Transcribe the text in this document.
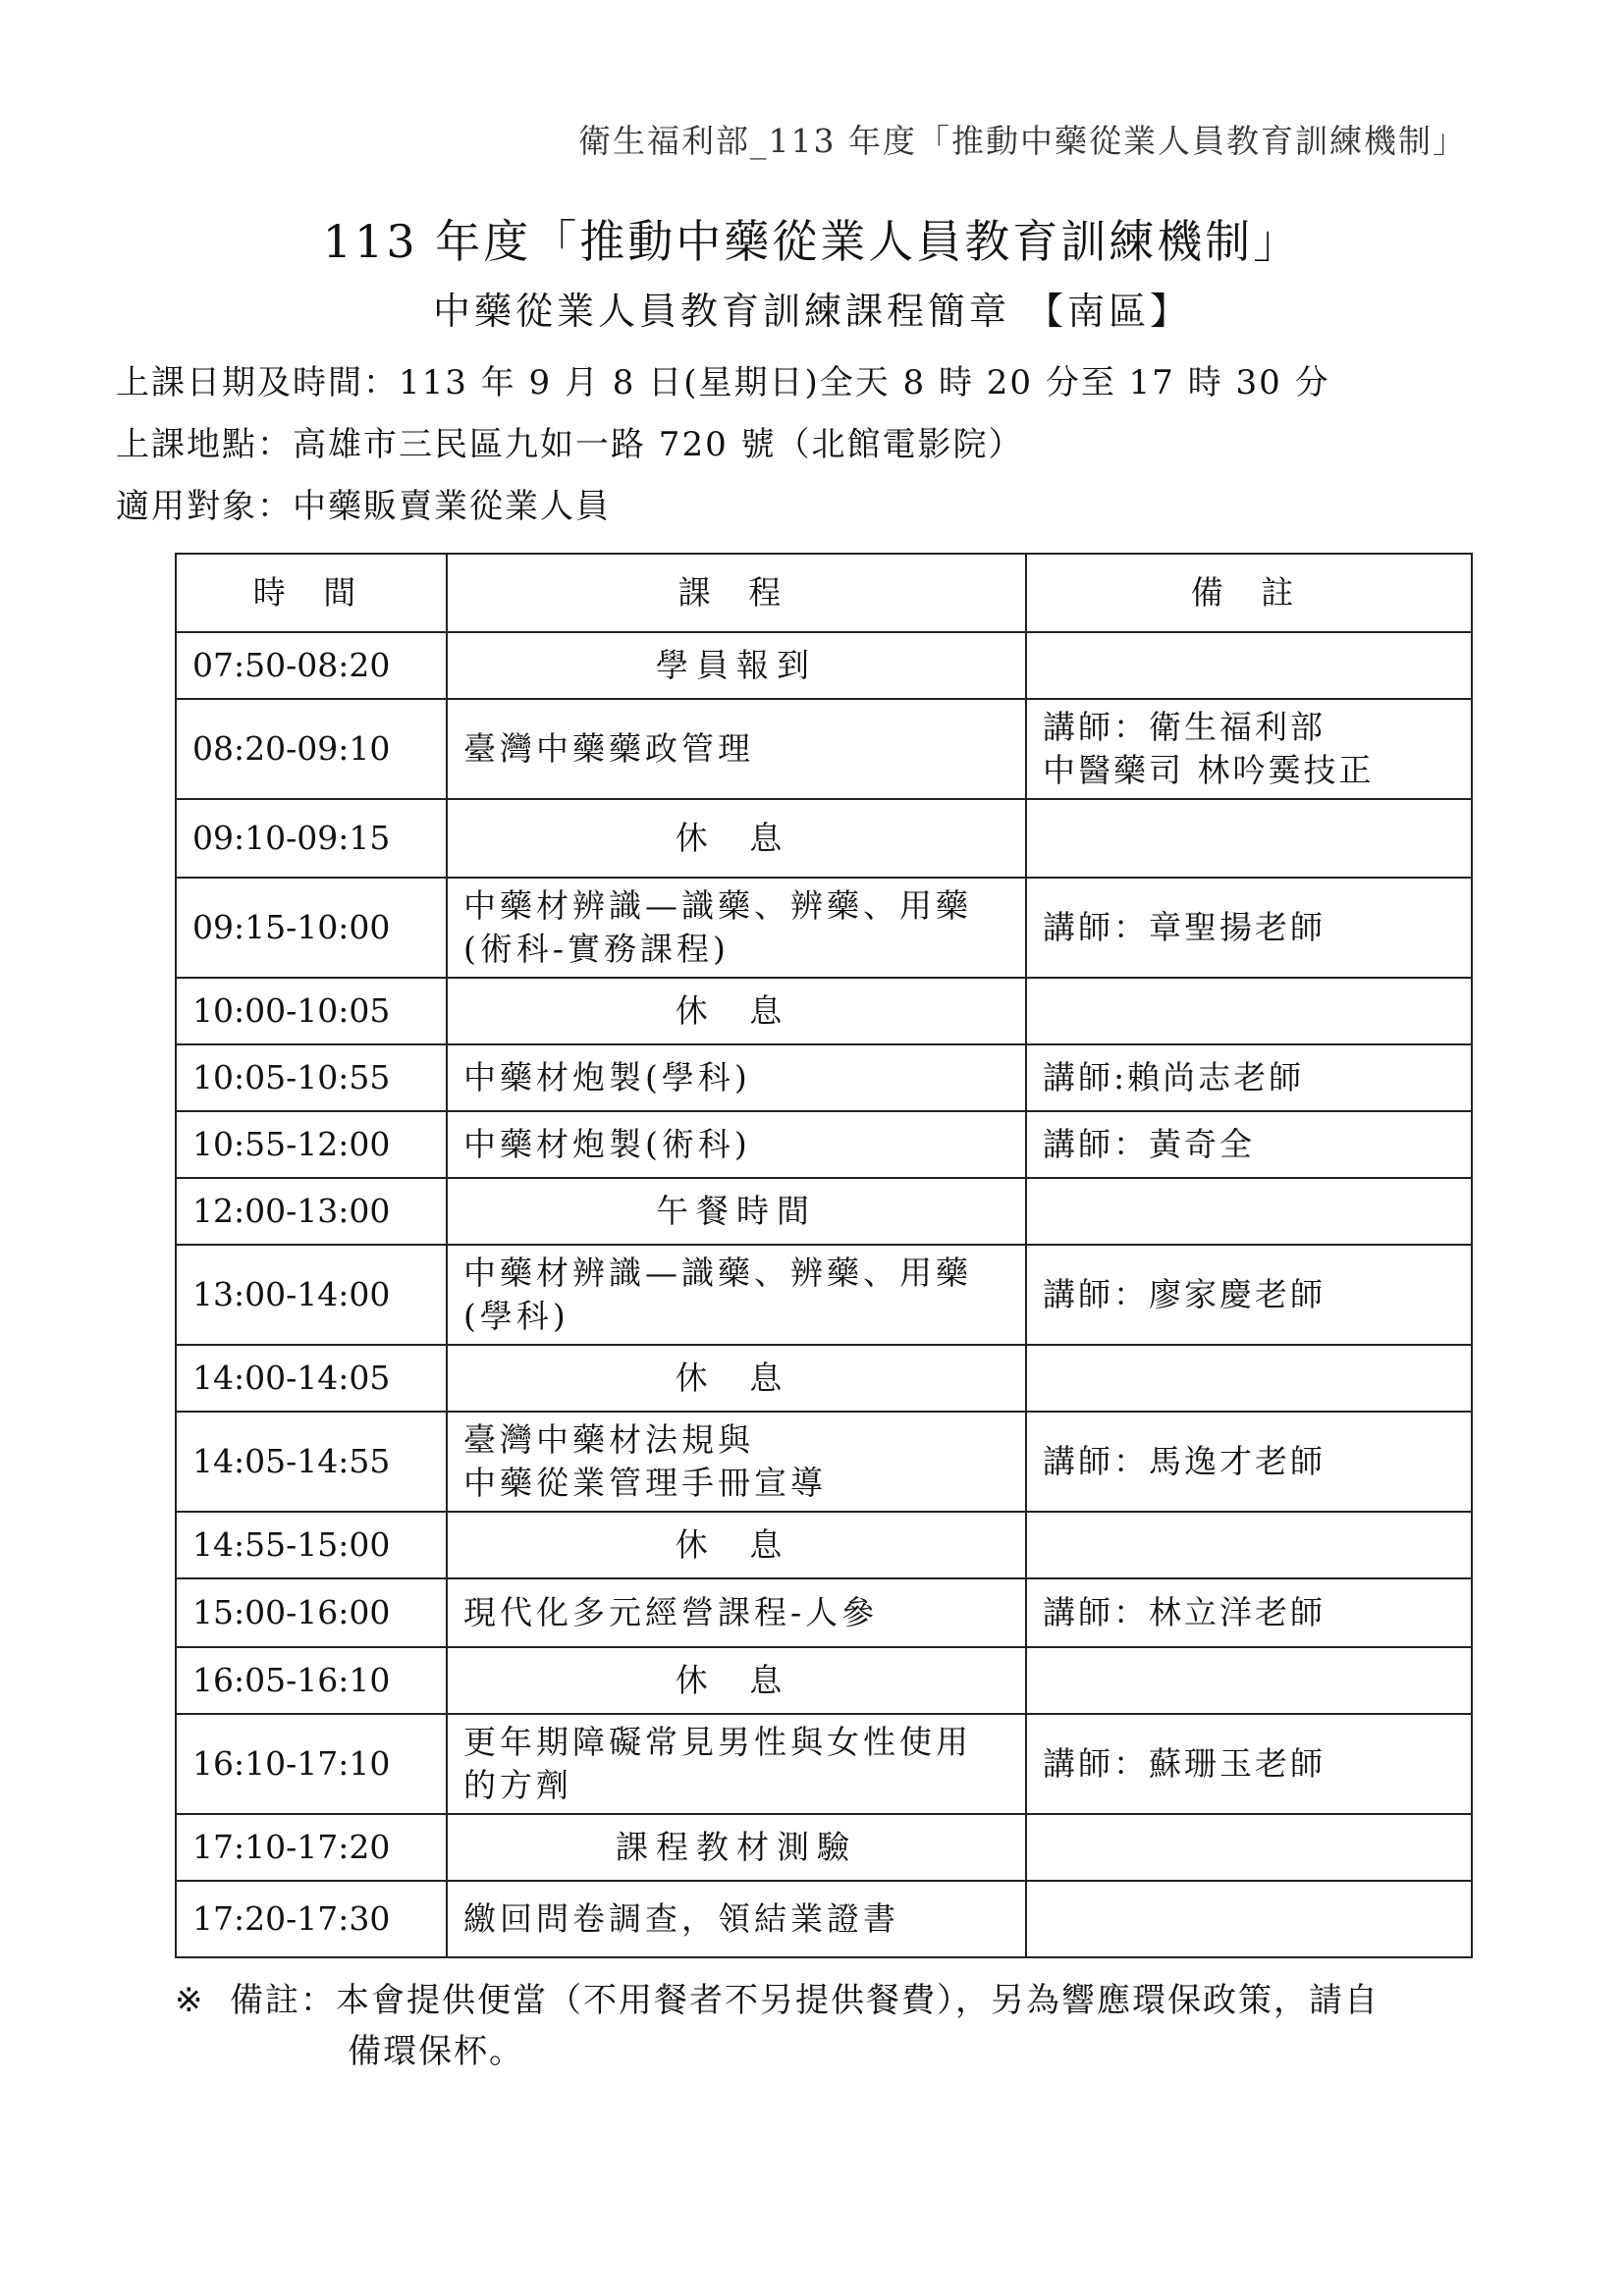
衛生福利部_113 年度「推動中藥從業人員教育訓練機制」
113 年度「推動中藥從業人員教育訓練機制」
中藥從業人員教育訓練課程簡章 【南區】
上課日期及時間：113 年 9 月 8 日(星期日)全天 8 時 20 分至 17 時 30 分
上課地點：高雄市三民區九如一路 720 號（北館電影院）
適用對象：中藥販賣業從業人員
時 間	課 程	備 註
07:50-08:20	學員報到	

08:20-09:10	臺灣中藥藥政管理	講師：衛生福利部
中醫藥司 林吟霙技正

09:10-09:15	休 息	

09:15-10:00	中藥材辨識—識藥、辨藥、用藥
(術科-實務課程)	講師：章聖揚老師

10:00-10:05	休 息	

10:05-10:55	中藥材炮製(學科)	講師:賴尚志老師

10:55-12:00	中藥材炮製(術科)	講師：黃奇全

12:00-13:00	午餐時間	

13:00-14:00	中藥材辨識—識藥、辨藥、用藥
(學科)	講師：廖家慶老師

14:00-14:05	休 息	

14:05-14:55	臺灣中藥材法規與
中藥從業管理手冊宣導	講師：馬逸才老師

14:55-15:00	休 息	

15:00-16:00	現代化多元經營課程-人參	講師：林立洋老師

16:05-16:10	休 息	

16:10-17:10	更年期障礙常見男性與女性使用
的方劑	講師：蘇珊玉老師

17:10-17:20	課程教材測驗	

17:20-17:30	繳回問卷調查，領結業證書	

※ 備註：本會提供便當（不用餐者不另提供餐費），另為響應環保政策，請自
備環保杯。
